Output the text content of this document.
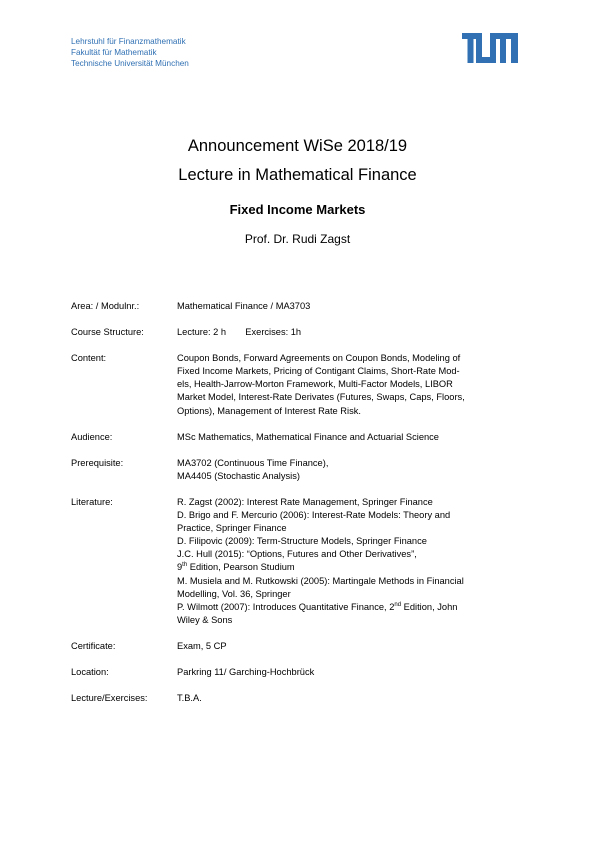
Lehrstuhl für Finanzmathematik
Fakultät für Mathematik
Technische Universität München
Announcement WiSe 2018/19
Lecture in Mathematical Finance
Fixed Income Markets
Prof. Dr. Rudi Zagst
Area: / Modulnr.:	Mathematical Finance / MA3703
Course Structure:	Lecture: 2 h Exercises: 1h
Content:	Coupon Bonds, Forward Agreements on Coupon Bonds, Modeling of
Fixed Income Markets, Pricing of Contigant Claims, Short-Rate Mod-
els, Health-Jarrow-Morton Framework, Multi-Factor Models, LIBOR
Market Model, Interest-Rate Derivates (Futures, Swaps, Caps, Floors,
Options), Management of Interest Rate Risk.
Audience:	MSc Mathematics, Mathematical Finance and Actuarial Science
Prerequisite:	MA3702 (Continuous Time Finance),
MA4405 (Stochastic Analysis)
Literature:	R. Zagst (2002): Interest Rate Management, Springer Finance
D. Brigo and F. Mercurio (2006): Interest-Rate Models: Theory and
Practice, Springer Finance
D. Filipovic (2009): Term-Structure Models, Springer Finance
J.C. Hull (2015): “Options, Futures and Other Derivatives”,
9th Edition, Pearson Studium
M. Musiela and M. Rutkowski (2005): Martingale Methods in Financial
Modelling, Vol. 36, Springer
P. Wilmott (2007): Introduces Quantitative Finance, 2nd Edition, John
Wiley & Sons
Certificate:	Exam, 5 CP
Location:	Parkring 11/ Garching-Hochbrück
Lecture/Exercises:	T.B.A.
